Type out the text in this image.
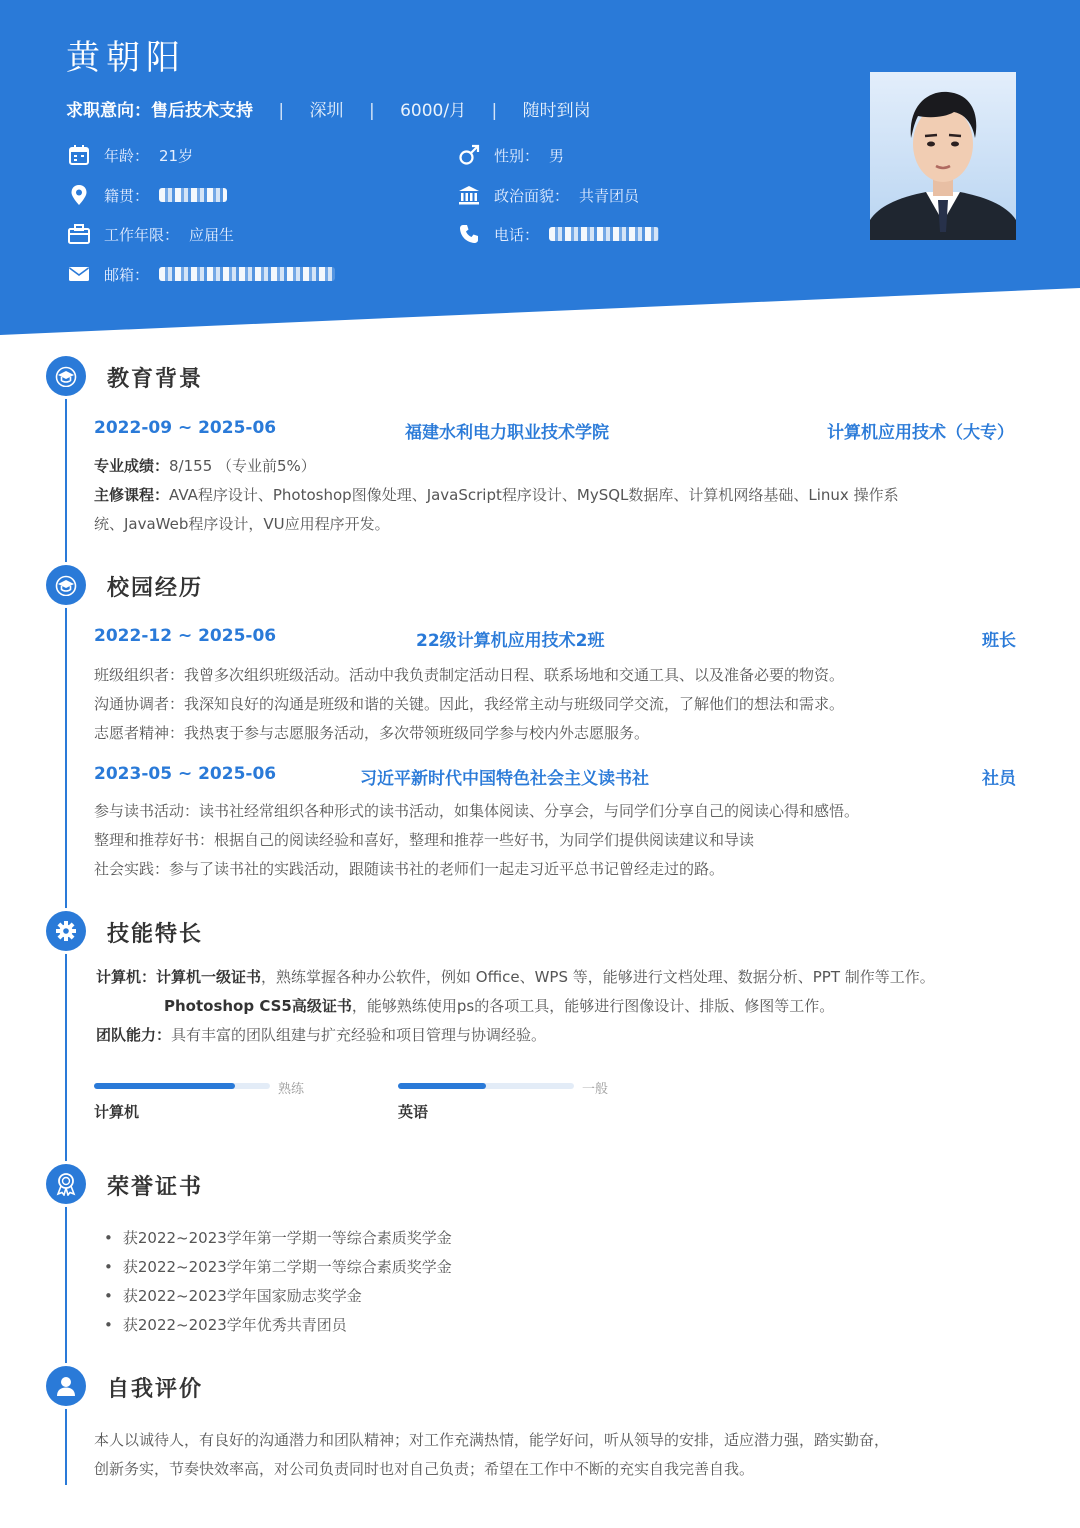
黄朝阳
求职意向：售后技术支持 | 深圳 | 6000/月 | 随时到岗
年龄： 21岁	性别： 男
籍贯：	政治面貌： 共青团员
工作年限： 应届生	电话：
邮箱：
教育背景
2022-09 ~ 2025-06	福建水利电力职业技术学院	计算机应用技术（大专）
专业成绩：8/155 （专业前5%）
主修课程：AVA程序设计、Photoshop图像处理、JavaScript程序设计、MySQL数据库、计算机网络基础、Linux 操作系
统、JavaWeb程序设计，VU应用程序开发。
校园经历
2022-12 ~ 2025-06	22级计算机应用技术2班	班长
班级组织者：我曾多次组织班级活动。活动中我负责制定活动日程、联系场地和交通工具、以及准备必要的物资。
沟通协调者：我深知良好的沟通是班级和谐的关键。因此，我经常主动与班级同学交流，了解他们的想法和需求。
志愿者精神：我热衷于参与志愿服务活动，多次带领班级同学参与校内外志愿服务。
2023-05 ~ 2025-06	习近平新时代中国特色社会主义读书社	社员
参与读书活动：读书社经常组织各种形式的读书活动，如集体阅读、分享会，与同学们分享自己的阅读心得和感悟。
整理和推荐好书：根据自己的阅读经验和喜好，整理和推荐一些好书，为同学们提供阅读建议和导读
社会实践：参与了读书社的实践活动，跟随读书社的老师们一起走习近平总书记曾经走过的路。
技能特长
计算机：计算机一级证书，熟练掌握各种办公软件，例如 Office、WPS 等，能够进行文档处理、数据分析、PPT 制作等工作。
Photoshop CS5高级证书，能够熟练使用ps的各项工具，能够进行图像设计、排版、修图等工作。
团队能力：具有丰富的团队组建与扩充经验和项目管理与协调经验。
熟练
计算机
一般
英语
荣誉证书
• 获2022~2023学年第一学期一等综合素质奖学金
• 获2022~2023学年第二学期一等综合素质奖学金
• 获2022~2023学年国家励志奖学金
• 获2022~2023学年优秀共青团员
自我评价
本人以诚待人，有良好的沟通潜力和团队精神；对工作充满热情，能学好问，听从领导的安排，适应潜力强，踏实勤奋，
创新务实，节奏快效率高，对公司负责同时也对自己负责；希望在工作中不断的充实自我完善自我。
